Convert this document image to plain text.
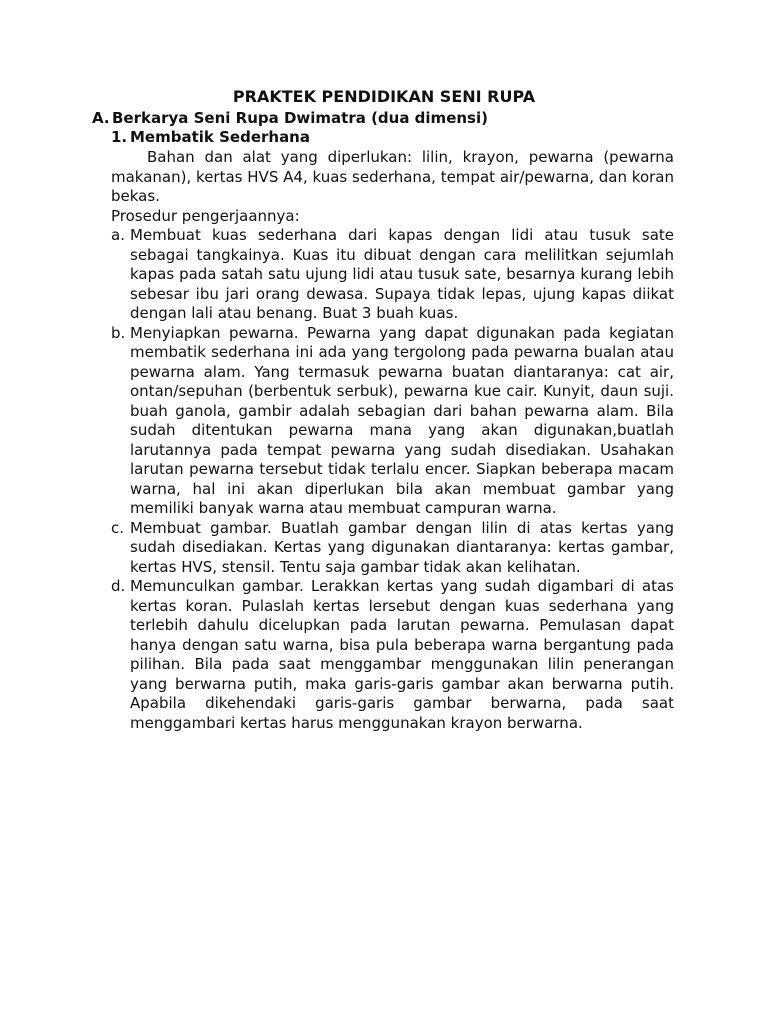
PRAKTEK PENDIDIKAN SENI RUPA
A. Berkarya Seni Rupa Dwimatra (dua dimensi)
1. Membatik Sederhana

Bahan dan alat yang diperlukan: lilin, krayon, pewarna (pewarna makanan), kertas HVS A4, kuas sederhana, tempat air/pewarna, dan koran bekas.

Prosedur pengerjaannya:

a. Membuat kuas sederhana dari kapas dengan lidi atau tusuk sate sebagai tangkainya. Kuas itu dibuat dengan cara melilitkan sejumlah kapas pada satah satu ujung lidi atau tusuk sate, besarnya kurang lebih sebesar ibu jari orang dewasa. Supaya tidak lepas, ujung kapas diikat dengan lali atau benang. Buat 3 buah kuas.
b. Menyiapkan pewarna. Pewarna yang dapat digunakan pada kegiatan membatik sederhana ini ada yang tergolong pada pewarna bualan atau pewarna alam. Yang termasuk pewarna buatan diantaranya: cat air, ontan/sepuhan (berbentuk serbuk), pewarna kue cair. Kunyit, daun suji. buah ganola, gambir adalah sebagian dari bahan pewarna alam. Bila sudah ditentukan pewarna mana yang akan digunakan,buatlah larutannya pada tempat pewarna yang sudah disediakan. Usahakan larutan pewarna tersebut tidak terlalu encer. Siapkan beberapa macam warna, hal ini akan diperlukan bila akan membuat gambar yang memiliki banyak warna atau membuat campuran warna.
c. Membuat gambar. Buatlah gambar dengan lilin di atas kertas yang sudah disediakan. Kertas yang digunakan diantaranya: kertas gambar, kertas HVS, stensil. Tentu saja gambar tidak akan kelihatan.
d. Memunculkan gambar. Lerakkan kertas yang sudah digambari di atas kertas koran. Pulaslah kertas lersebut dengan kuas sederhana yang terlebih dahulu dicelupkan pada larutan pewarna. Pemulasan dapat hanya dengan satu warna, bisa pula beberapa warna bergantung pada pilihan. Bila pada saat menggambar menggunakan lilin penerangan yang berwarna putih, maka garis-garis gambar akan berwarna putih. Apabila dikehendaki garis-garis gambar berwarna, pada saat menggambari kertas harus menggunakan krayon berwarna.
